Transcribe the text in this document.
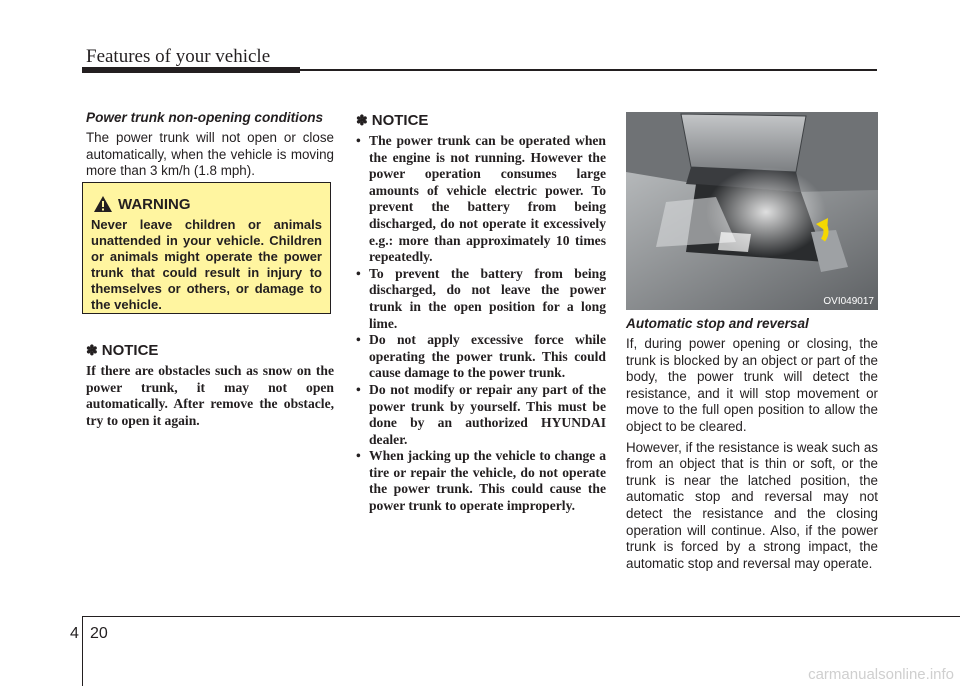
Features of your vehicle

Power trunk non-opening conditions

The power trunk will not open or close automatically, when the vehicle is moving more than 3 km/h (1.8 mph).

WARNING

Never leave children or animals unattended in your vehicle. Children or animals might operate the power trunk that could result in injury to themselves or others, or damage to the vehicle.

✽ NOTICE

If there are obstacles such as snow on the power trunk, it may not open automatically. After remove the obstacle, try to open it again.

✽ NOTICE
• The power trunk can be operated when the engine is not running. However the power operation consumes large amounts of vehicle electric power. To prevent the battery from being discharged, do not operate it excessively e.g.: more than approximately 10 times repeatedly.
• To prevent the battery from being discharged, do not leave the power trunk in the open position for a long lime.
• Do not apply excessive force while operating the power trunk. This could cause damage to the power trunk.
• Do not modify or repair any part of the power trunk by yourself. This must be done by an authorized HYUNDAI dealer.
• When jacking up the vehicle to change a tire or repair the vehicle, do not operate the power trunk. This could cause the power trunk to operate improperly.
OVI049017

Automatic stop and reversal

If, during power opening or closing, the trunk is blocked by an object or part of the body, the power trunk will detect the resistance, and it will stop movement or move to the full open position to allow the object to be cleared.

However, if the resistance is weak such as from an object that is thin or soft, or the trunk is near the latched position, the automatic stop and reversal may not detect the resistance and the closing operation will continue. Also, if the power trunk is forced by a strong impact, the automatic stop and reversal may operate.

4 20
carmanualsonline.info
